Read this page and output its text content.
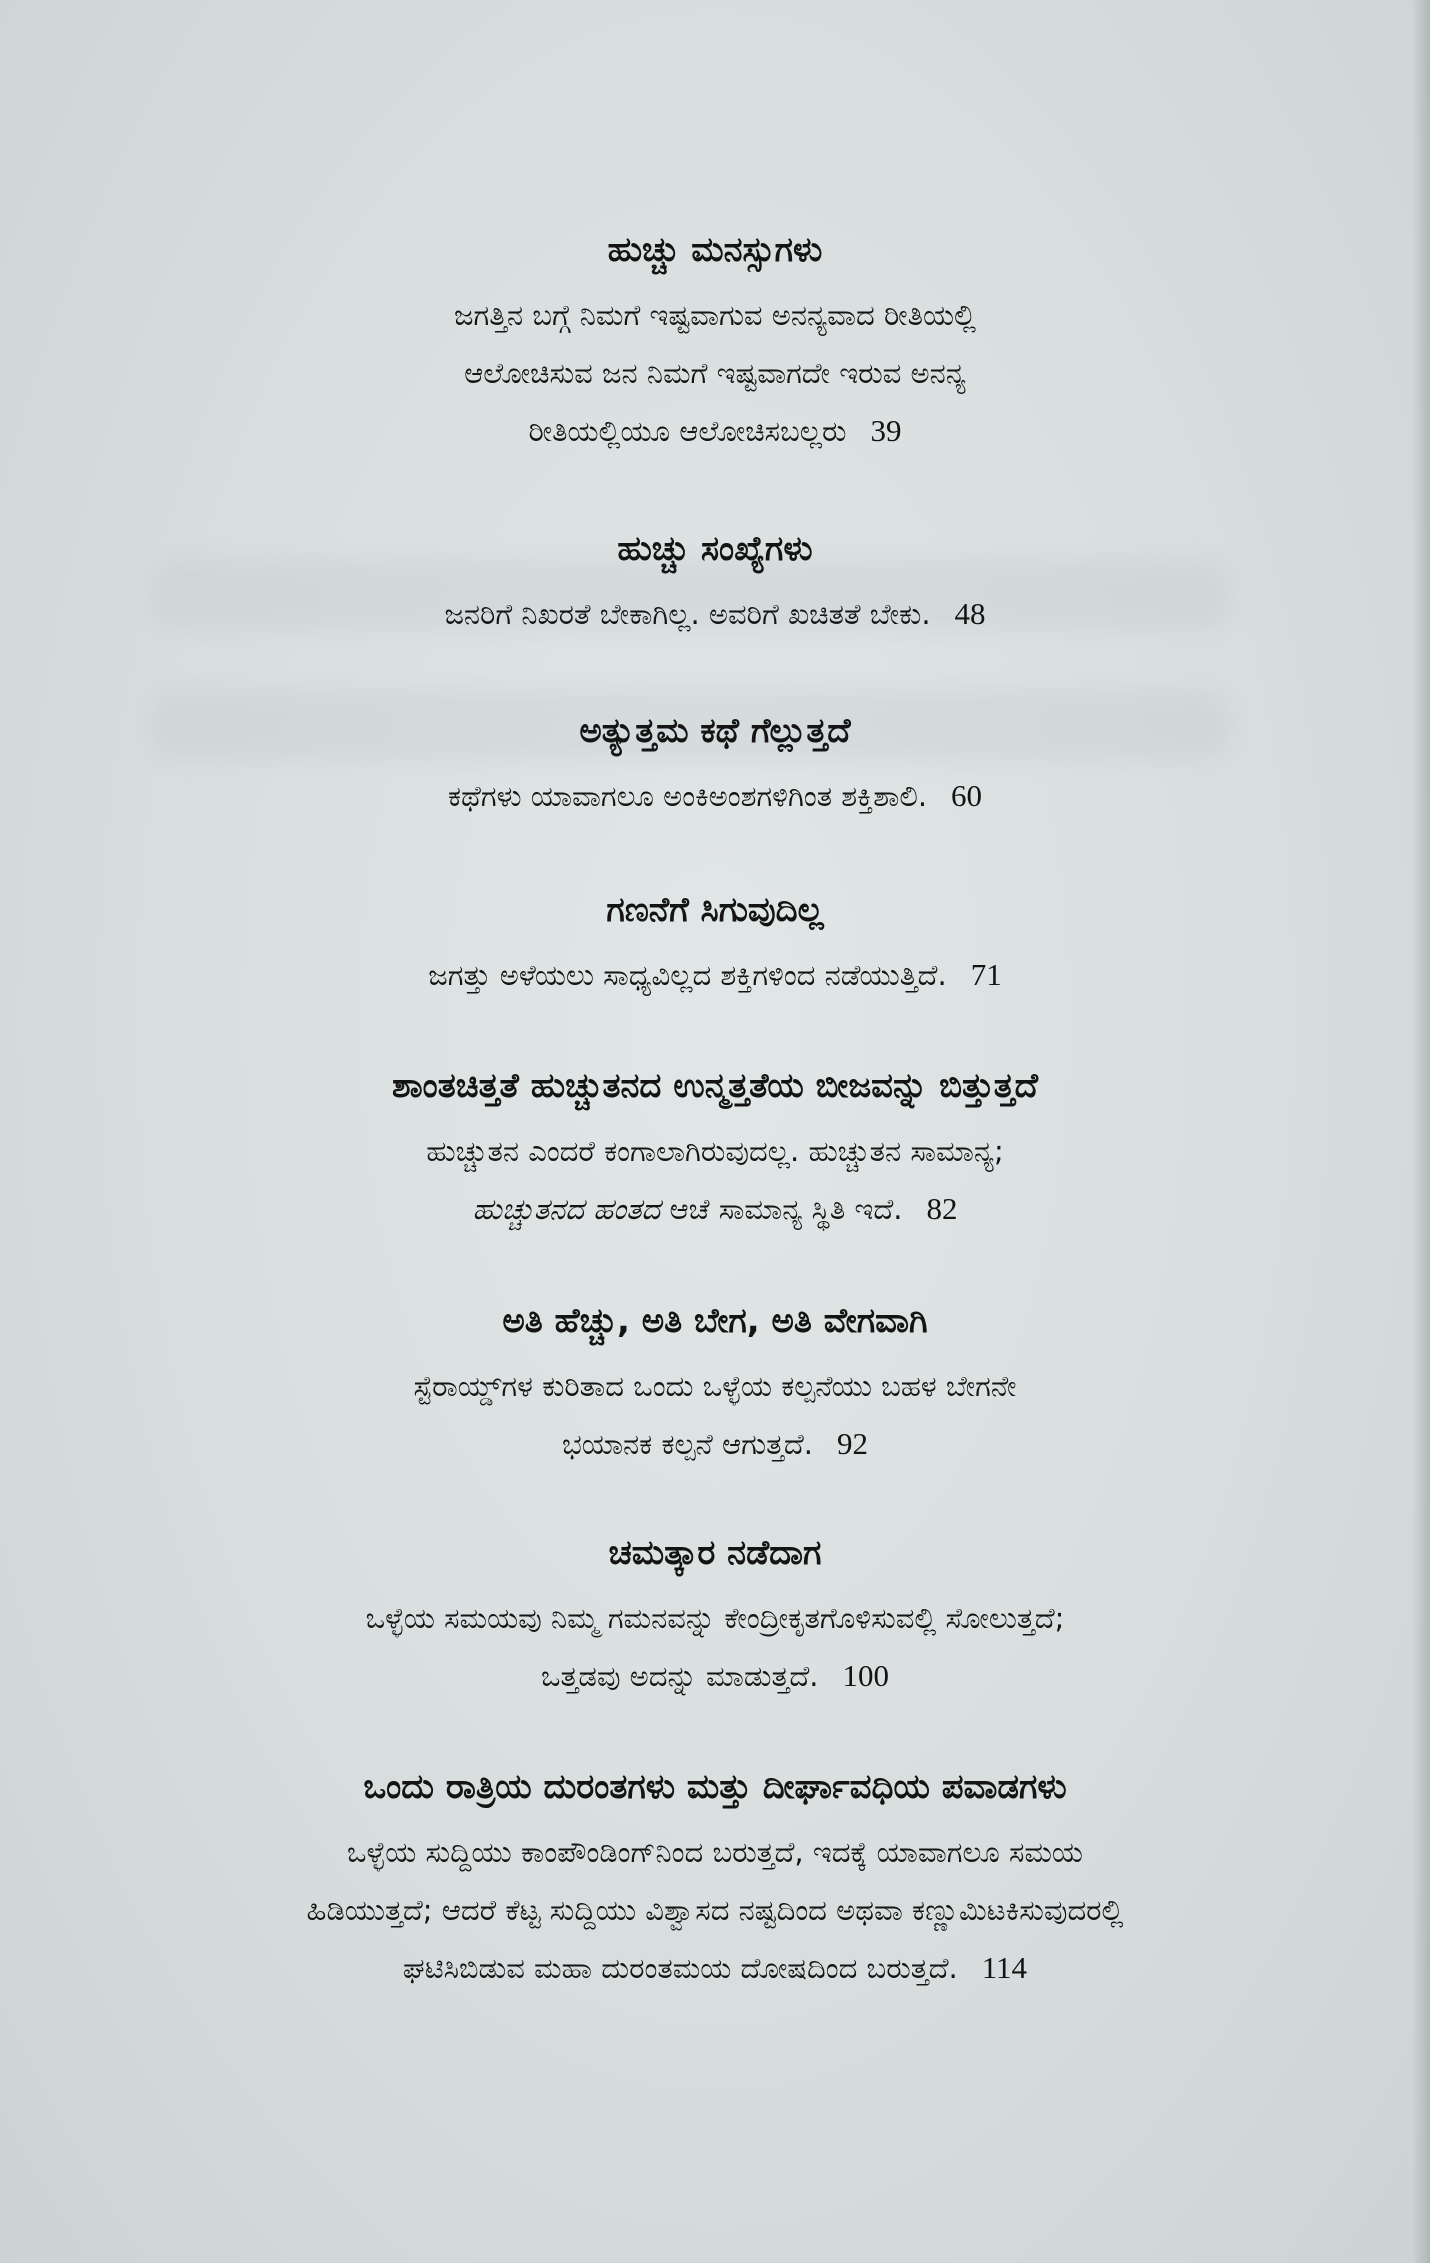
ಹುಚ್ಚು ಮನಸ್ಸುಗಳು

ಜಗತ್ತಿನ ಬಗ್ಗೆ ನಿಮಗೆ ಇಷ್ಟವಾಗುವ ಅನನ್ಯವಾದ ರೀತಿಯಲ್ಲಿ

ಆಲೋಚಿಸುವ ಜನ ನಿಮಗೆ ಇಷ್ಟವಾಗದೇ ಇರುವ ಅನನ್ಯ

ರೀತಿಯಲ್ಲಿಯೂ ಆಲೋಚಿಸಬಲ್ಲರು 39

ಹುಚ್ಚು ಸಂಖ್ಯೆಗಳು

ಜನರಿಗೆ ನಿಖರತೆ ಬೇಕಾಗಿಲ್ಲ. ಅವರಿಗೆ ಖಚಿತತೆ ಬೇಕು. 48

ಅತ್ಯುತ್ತಮ ಕಥೆ ಗೆಲ್ಲುತ್ತದೆ

ಕಥೆಗಳು ಯಾವಾಗಲೂ ಅಂಕಿಅಂಶಗಳಿಗಿಂತ ಶಕ್ತಿಶಾಲಿ. 60

ಗಣನೆಗೆ ಸಿಗುವುದಿಲ್ಲ

ಜಗತ್ತು ಅಳೆಯಲು ಸಾಧ್ಯವಿಲ್ಲದ ಶಕ್ತಿಗಳಿಂದ ನಡೆಯುತ್ತಿದೆ. 71

ಶಾಂತಚಿತ್ತತೆ ಹುಚ್ಚುತನದ ಉನ್ಮತ್ತತೆಯ ಬೀಜವನ್ನು ಬಿತ್ತುತ್ತದೆ

ಹುಚ್ಚುತನ ಎಂದರೆ ಕಂಗಾಲಾಗಿರುವುದಲ್ಲ. ಹುಚ್ಚುತನ ಸಾಮಾನ್ಯ;

ಹುಚ್ಚುತನದ ಹಂತದ ಆಚೆ ಸಾಮಾನ್ಯ ಸ್ಥಿತಿ ಇದೆ. 82

ಅತಿ ಹೆಚ್ಚು, ಅತಿ ಬೇಗ, ಅತಿ ವೇಗವಾಗಿ

ಸ್ಟೆರಾಯ್ಡ್‌ಗಳ ಕುರಿತಾದ ಒಂದು ಒಳ್ಳೆಯ ಕಲ್ಪನೆಯು ಬಹಳ ಬೇಗನೇ

ಭಯಾನಕ ಕಲ್ಪನೆ ಆಗುತ್ತದೆ. 92

ಚಮತ್ಕಾರ ನಡೆದಾಗ

ಒಳ್ಳೆಯ ಸಮಯವು ನಿಮ್ಮ ಗಮನವನ್ನು ಕೇಂದ್ರೀಕೃತಗೊಳಿಸುವಲ್ಲಿ ಸೋಲುತ್ತದೆ;

ಒತ್ತಡವು ಅದನ್ನು ಮಾಡುತ್ತದೆ. 100

ಒಂದು ರಾತ್ರಿಯ ದುರಂತಗಳು ಮತ್ತು ದೀರ್ಘಾವಧಿಯ ಪವಾಡಗಳು

ಒಳ್ಳೆಯ ಸುದ್ದಿಯು ಕಾಂಪೌಂಡಿಂಗ್‌ನಿಂದ ಬರುತ್ತದೆ, ಇದಕ್ಕೆ ಯಾವಾಗಲೂ ಸಮಯ

ಹಿಡಿಯುತ್ತದೆ; ಆದರೆ ಕೆಟ್ಟ ಸುದ್ದಿಯು ವಿಶ್ವಾಸದ ನಷ್ಟದಿಂದ ಅಥವಾ ಕಣ್ಣುಮಿಟಕಿಸುವುದರಲ್ಲಿ

ಘಟಿಸಿಬಿಡುವ ಮಹಾ ದುರಂತಮಯ ದೋಷದಿಂದ ಬರುತ್ತದೆ. 114
